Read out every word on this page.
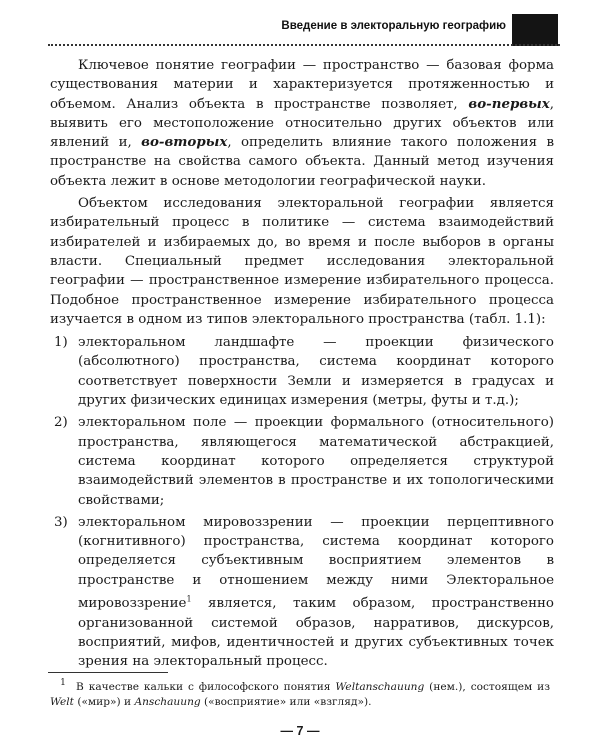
Введение в электоральную географию

Ключевое понятие географии — пространство — базовая форма существования материи и характеризуется протяженностью и объемом. Анализ объекта в пространстве позволяет, во-первых, выявить его местоположение относительно других объектов или явлений и, во-вторых, определить влияние такого положения в пространстве на свойства самого объекта. Данный метод изучения объекта лежит в основе методологии географической науки.

Объектом исследования электоральной географии является избирательный процесс в политике — система взаимодействий избирателей и избираемых до, во время и после выборов в органы власти. Специальный предмет исследования электоральной географии — пространственное измерение избирательного процесса. Подобное пространственное измерение избирательного процесса изучается в одном из типов электорального пространства (табл. 1.1):

1) электоральном ландшафте — проекции физического (абсолютного) пространства, система координат которого соответствует поверхности Земли и измеряется в градусах и других физических единицах измерения (метры, футы и т.д.);
2) электоральном поле — проекции формального (относительного) пространства, являющегося математической абстракцией, система координат которого определяется структурой взаимодействий элементов в пространстве и их топологическими свойствами;
3) электоральном мировоззрении — проекции перцептивного (когнитивного) пространства, система координат которого определяется субъективным восприятием элементов в пространстве и отношением между ними Электоральное мировоззрение$^1$ является, таким образом, пространственно организованной системой образов, нарративов, дискурсов, восприятий, мифов, идентичностей и других субъективных точек зрения на электоральный процесс.
1 В качестве кальки с философского понятия Weltanschauung (нем.), состоящем из Welt («мир») и Anschauung («восприятие» или «взгляд»).
— 7 —
